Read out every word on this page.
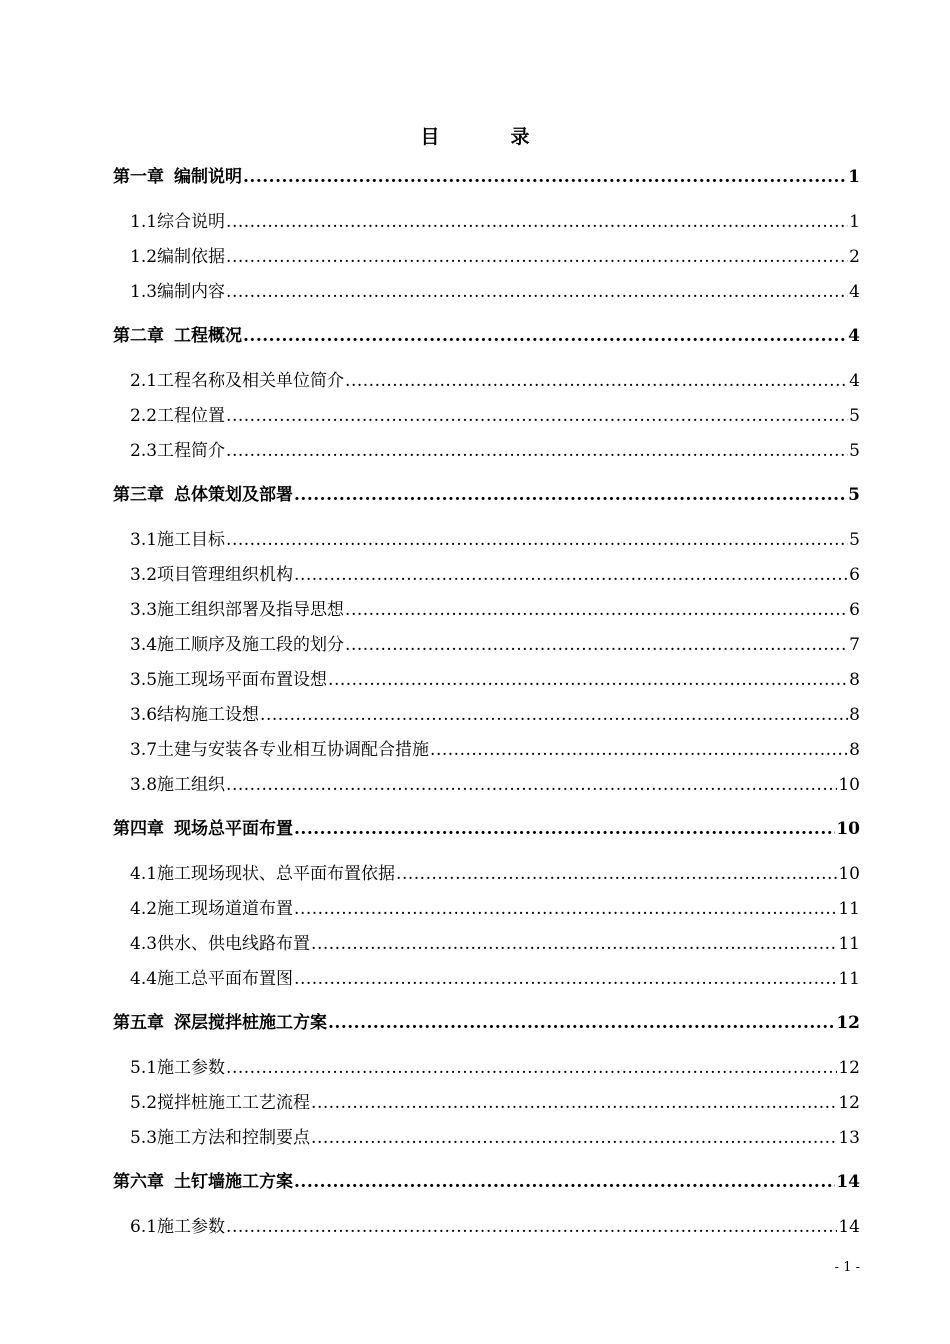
目　录
第一章 编制说明 .....	1
1.1 综合说明 .....	1
1.2 编制依据 .....	2
1.3 编制内容 .....	4
第二章 工程概况 .....	4
2.1 工程名称及相关单位简介 .....	4
2.2 工程位置 .....	5
2.3 工程简介 .....	5
第三章 总体策划及部署 .....	5
3.1 施工目标 .....	5
3.2 项目管理组织机构 .....	6
3.3 施工组织部署及指导思想 .....	6
3.4 施工顺序及施工段的划分 .....	7
3.5 施工现场平面布置设想 .....	8
3.6 结构施工设想 .....	8
3.7 土建与安装各专业相互协调配合措施 .....	8
3.8 施工组织 .....	10
第四章 现场总平面布置 .....	10
4.1 施工现场现状、总平面布置依据 .....	10
4.2 施工现场道道布置 .....	11
4.3 供水、供电线路布置 .....	11
4.4 施工总平面布置图 .....	11
第五章 深层搅拌桩施工方案 .....	12
5.1 施工参数 .....	12
5.2 搅拌桩施工工艺流程 .....	12
5.3 施工方法和控制要点 .....	13
第六章 土钉墙施工方案 .....	14
6.1 施工参数 .....	14
- 1 -
